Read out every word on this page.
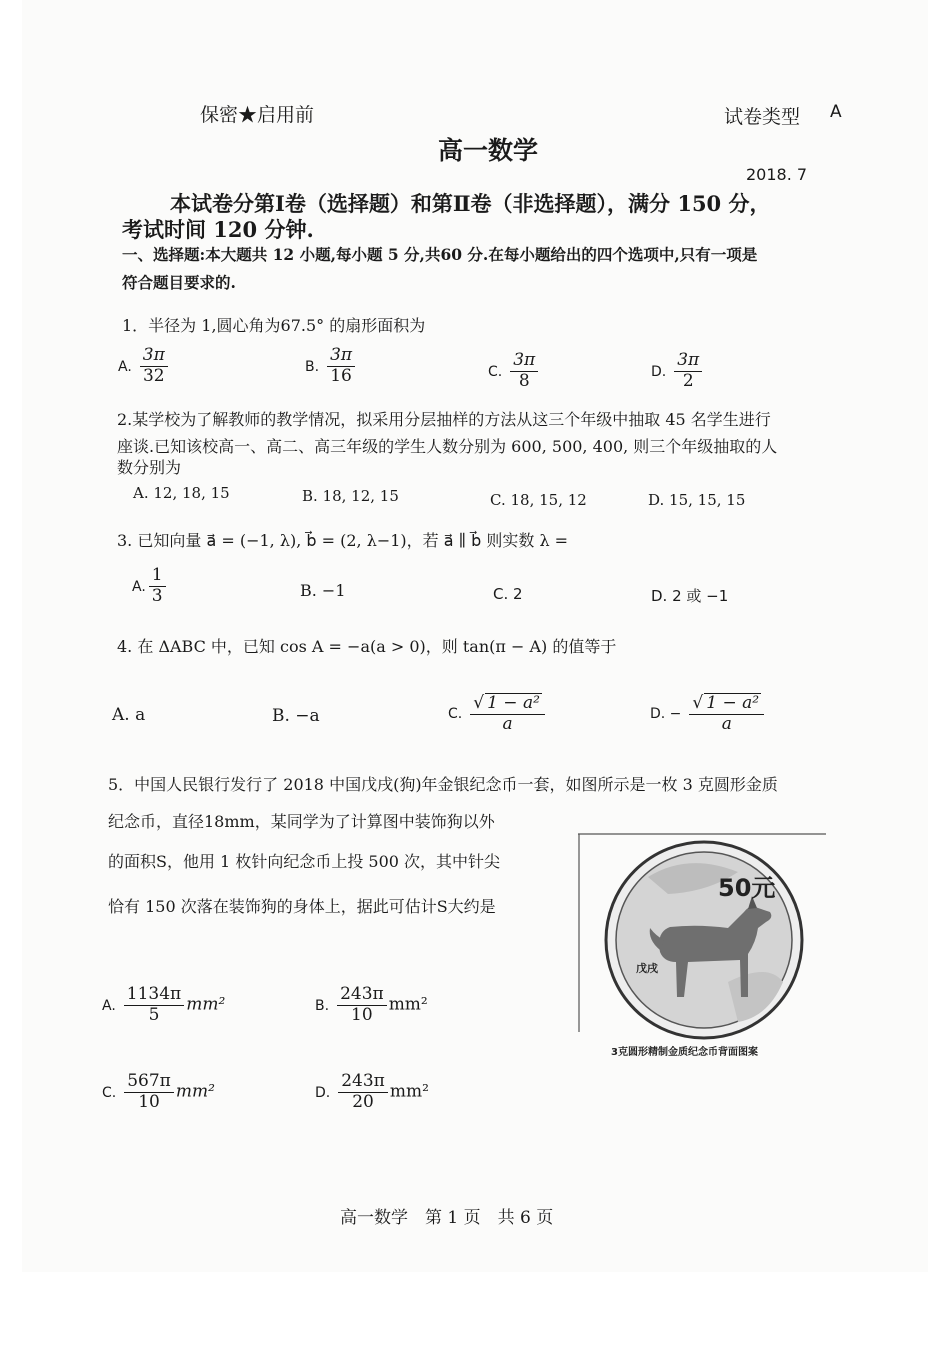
保密★启用前	试卷类型 A
高一数学
2018. 7
本试卷分第Ⅰ卷（选择题）和第Ⅱ卷（非选择题），满分 150 分，
考试时间 120 分钟.
一、选择题:本大题共 12 小题,每小题 5 分,共60 分.在每小题给出的四个选项中,只有一项是
符合题目要求的.
1．半径为 1,圆心角为67.5° 的扇形面积为
A. $\frac{3\pi}{32}$	B. $\frac{3\pi}{16}$	C. $\frac{3\pi}{8}$	D. $\frac{3\pi}{2}$
2.某学校为了解教师的教学情况，拟采用分层抽样的方法从这三个年级中抽取 45 名学生进行
座谈.已知该校高一、高二、高三年级的学生人数分别为 600, 500, 400, 则三个年级抽取的人
数分别为
A. 12, 18, 15	B. 18, 12, 15	C. 18, 15, 12	D. 15, 15, 15
3. 已知向量 a⃗ = (−1, λ), b⃗ = (2, λ−1)，若 a⃗ ∥ b⃗ 则实数 λ =
A. $\frac{1}{3}$	B. −1	C. 2	D. 2 或 −1
4. 在 ΔABC 中，已知 cos A = −a(a > 0)，则 tan(π − A) 的值等于
A. a	B. −a	C. $\frac{\text{√ 1 − a²}}{a}$	D. − $\frac{\text{√ 1 − a²}}{a}$
5．中国人民银行发行了 2018 中国戊戌(狗)年金银纪念币一套，如图所示是一枚 3 克圆形金质
纪念币，直径18mm，某同学为了计算图中装饰狗以外
的面积S，他用 1 枚针向纪念币上投 500 次，其中针尖
恰有 150 次落在装饰狗的身体上，据此可估计S大约是
A. $\frac{1134\pi}{5} mm^2$	B. $\frac{243\pi}{10} mm^2$
C. $\frac{567\pi}{10} mm^2$	D. $\frac{243\pi}{20} mm^2$
50元
戊戌
3克圆形精制金质纪念币背面图案
高一数学　第 1 页　共 6 页
